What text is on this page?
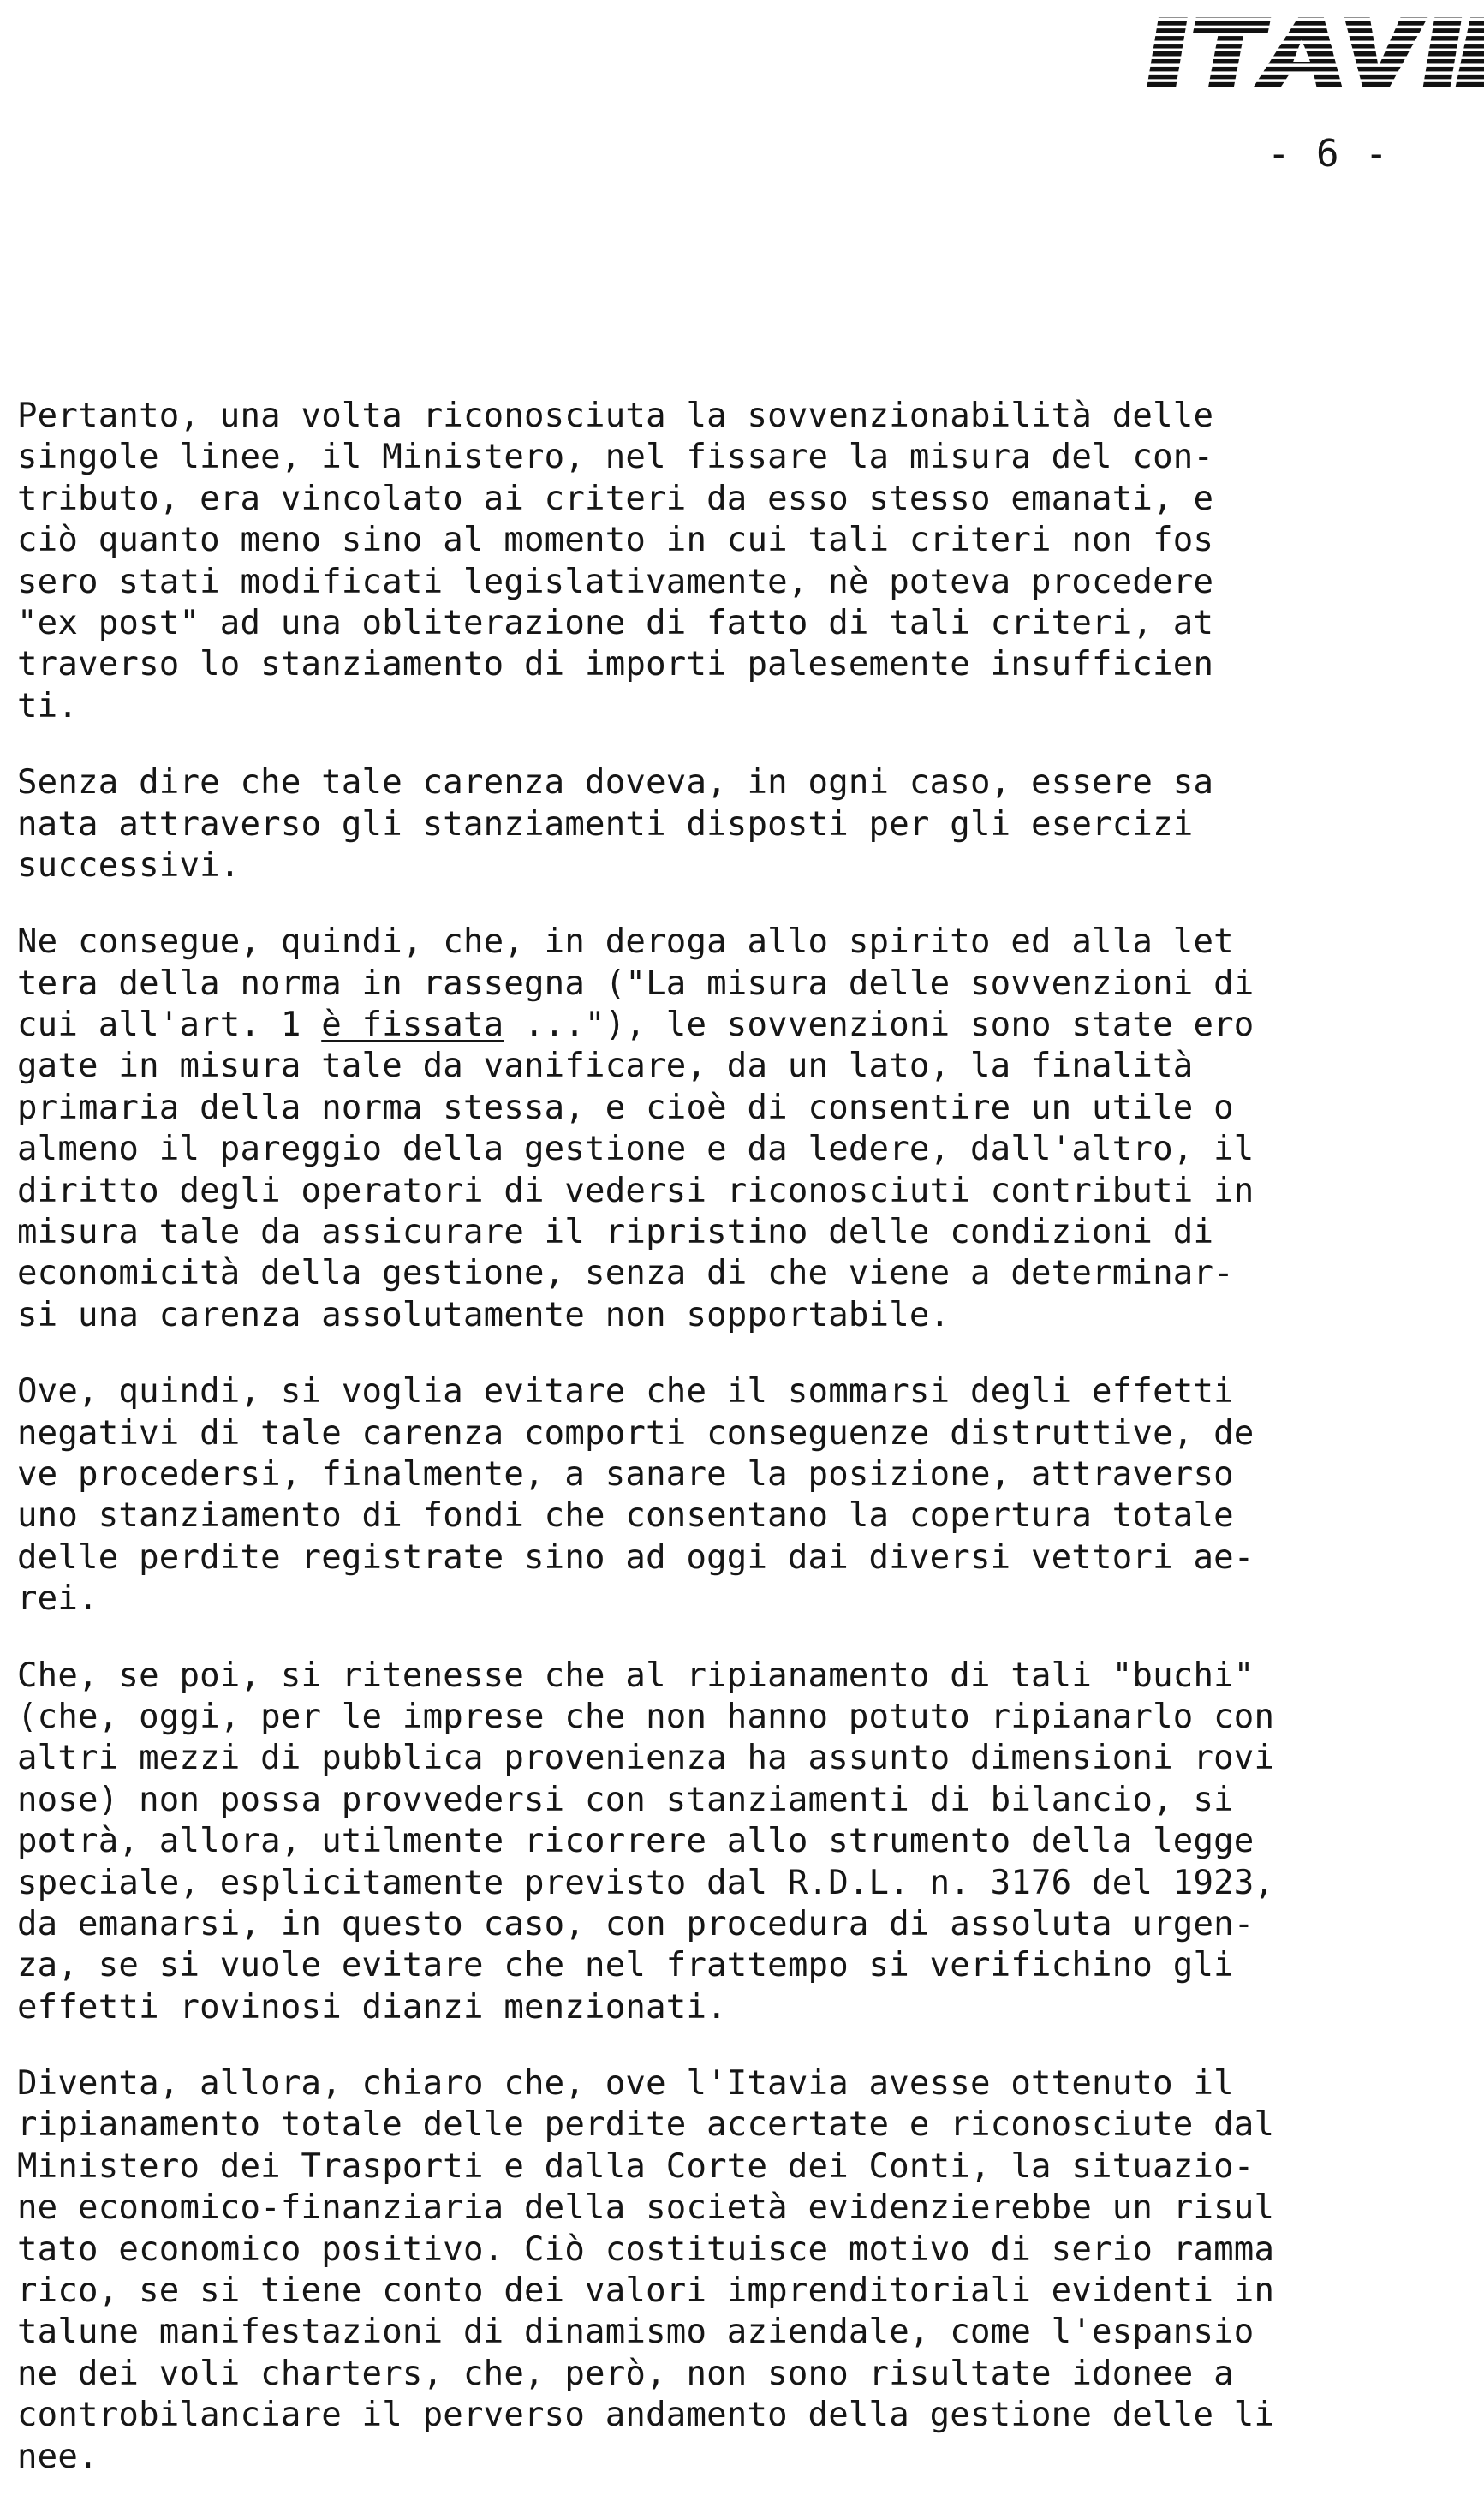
- 6 -
Pertanto, una volta riconosciuta la sovvenzionabilità delle
singole linee, il Ministero, nel fissare la misura del con-
tributo, era vincolato ai criteri da esso stesso emanati, e
ciò quanto meno sino al momento in cui tali criteri non fos
sero stati modificati legislativamente, nè poteva procedere
"ex post" ad una obliterazione di fatto di tali criteri, at
traverso lo stanziamento di importi palesemente insufficien
ti.
Senza dire che tale carenza doveva, in ogni caso, essere sa
nata attraverso gli stanziamenti disposti per gli esercizi
successivi.
Ne consegue, quindi, che, in deroga allo spirito ed alla let
tera della norma in rassegna ("La misura delle sovvenzioni di
cui all'art. 1 è fissata ..."), le sovvenzioni sono state ero
gate in misura tale da vanificare, da un lato, la finalità
primaria della norma stessa, e cioè di consentire un utile o
almeno il pareggio della gestione e da ledere, dall'altro, il
diritto degli operatori di vedersi riconosciuti contributi in
misura tale da assicurare il ripristino delle condizioni di
economicità della gestione, senza di che viene a determinar-
si una carenza assolutamente non sopportabile.
Ove, quindi, si voglia evitare che il sommarsi degli effetti
negativi di tale carenza comporti conseguenze distruttive, de
ve procedersi, finalmente, a sanare la posizione, attraverso
uno stanziamento di fondi che consentano la copertura totale
delle perdite registrate sino ad oggi dai diversi vettori ae-
rei.
Che, se poi, si ritenesse che al ripianamento di tali "buchi"
(che, oggi, per le imprese che non hanno potuto ripianarlo con
altri mezzi di pubblica provenienza ha assunto dimensioni rovi
nose) non possa provvedersi con stanziamenti di bilancio, si
potrà, allora, utilmente ricorrere allo strumento della legge
speciale, esplicitamente previsto dal R.D.L. n. 3176 del 1923,
da emanarsi, in questo caso, con procedura di assoluta urgen-
za, se si vuole evitare che nel frattempo si verifichino gli
effetti rovinosi dianzi menzionati.
Diventa, allora, chiaro che, ove l'Itavia avesse ottenuto il
ripianamento totale delle perdite accertate e riconosciute dal
Ministero dei Trasporti e dalla Corte dei Conti, la situazio-
ne economico-finanziaria della società evidenzierebbe un risul
tato economico positivo. Ciò costituisce motivo di serio ramma
rico, se si tiene conto dei valori imprenditoriali evidenti in
talune manifestazioni di dinamismo aziendale, come l'espansio
ne dei voli charters, che, però, non sono risultate idonee a
controbilanciare il perverso andamento della gestione delle li
nee.
